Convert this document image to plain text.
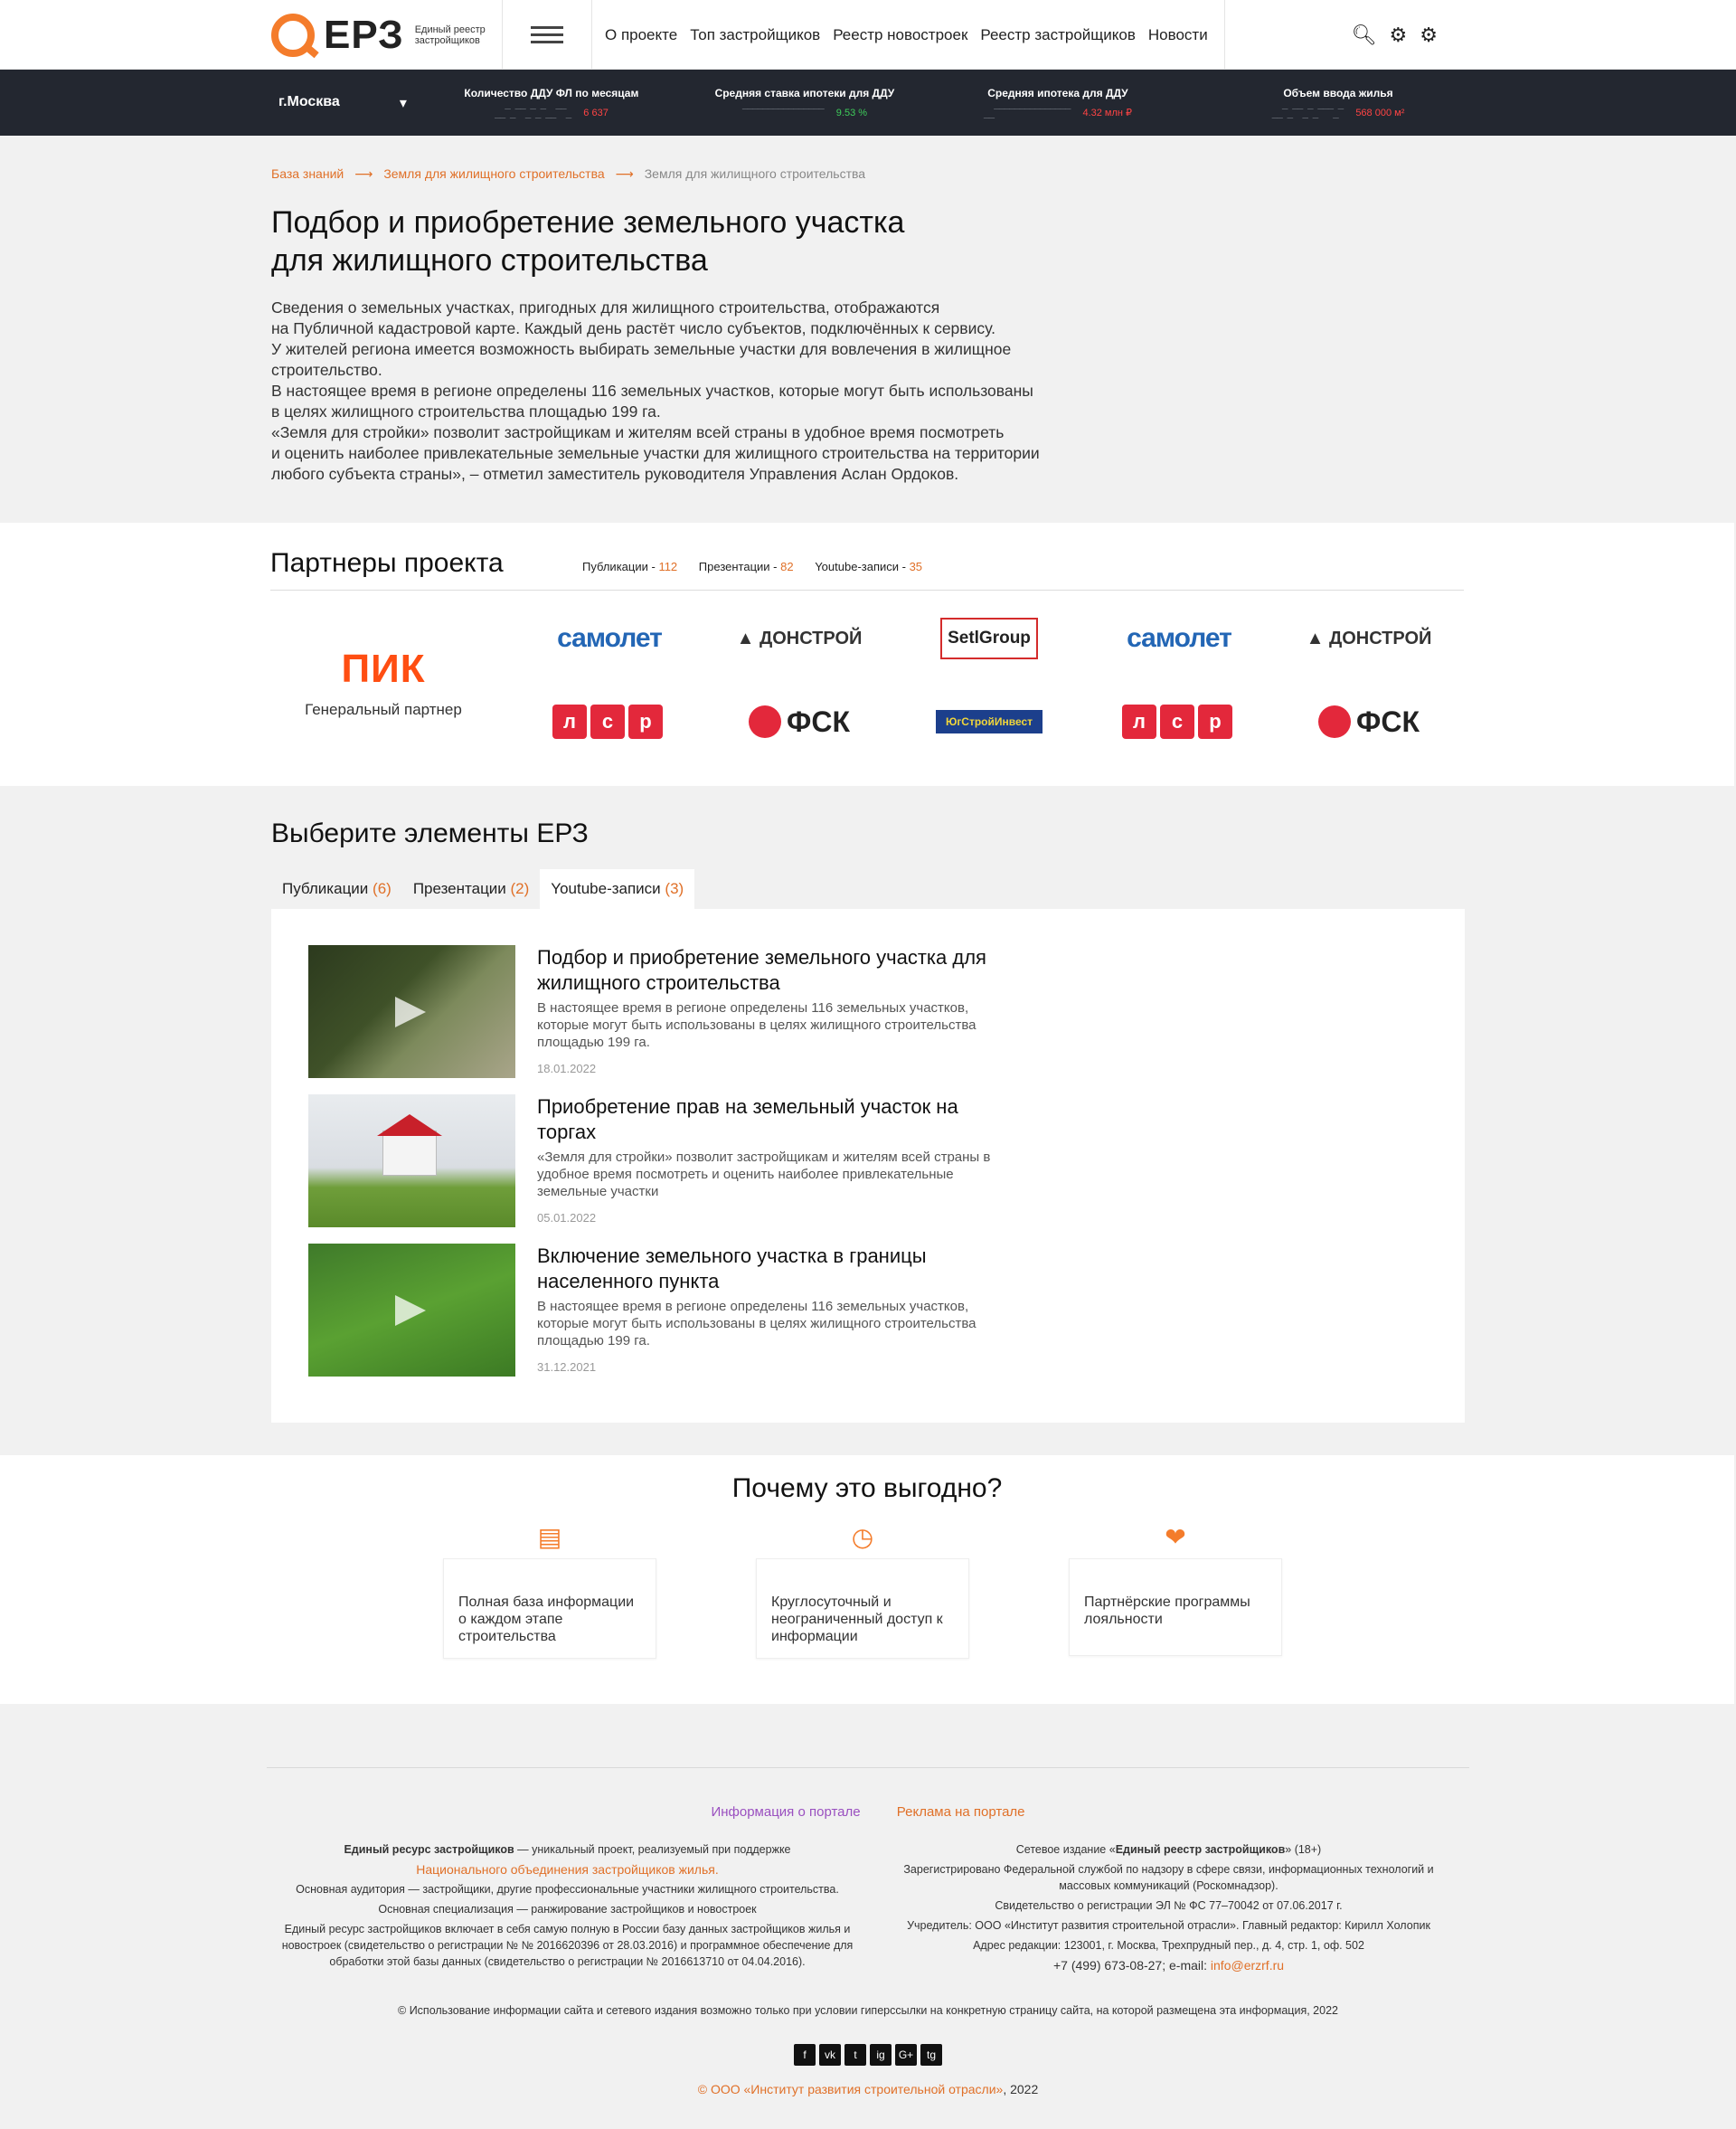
ЕРЗ Единый реестр застройщиков	О проекте Топ застройщиков Реестр новостроек Реестр застройщиков Новости	🔍︎ ⚙ ⚙
г.Москва	▾
Количество ДДУ ФЛ по месяцам
__‾_‾‾_‾_‾__‾‾_ 6 637
Средняя ставка ипотеки для ДДУ
‾‾‾‾‾‾‾‾‾‾‾‾‾‾‾‾ 9.53 %
Средняя ипотека для ДДУ
__‾‾‾‾‾‾‾‾‾‾‾‾‾‾‾ 4.32 млн ₽
Объем ввода жилья
__‾_‾‾_‾_‾‾‾_‾ 568 000 м²
База знаний ⟶ Земля для жилищного строительства ⟶ Земля для жилищного строительства
Подбор и приобретение земельного участка для жилищного строительства
Сведения о земельных участках, пригодных для жилищного строительства, отображаются
на Публичной кадастровой карте. Каждый день растёт число субъектов, подключённых к сервису.
У жителей региона имеется возможность выбирать земельные участки для вовлечения в жилищное
строительство.
В настоящее время в регионе определены 116 земельных участков, которые могут быть использованы
в целях жилищного строительства площадью 199 га.
«Земля для стройки» позволит застройщикам и жителям всей страны в удобное время посмотреть
и оценить наиболее привлекательные земельные участки для жилищного строительства на территории
любого субъекта страны», – отметил заместитель руководителя Управления Аслан Ордоков.
Партнеры проекта	Публикации - 112 Презентации - 82 Youtube-записи - 35
ПИК
Генеральный партнер
самолет	▲ ДОНСТРОЙ	SetlGroup	самолет	▲ ДОНСТРОЙ
л	с	р	ФСК	ЮгСтройИнвест	л	с	р	ФСК
Выберите элементы ЕРЗ
Публикации (6)	Презентации (2)	Youtube-записи (3)
Подбор и приобретение земельного участка для жилищного строительства
В настоящее время в регионе определены 116 земельных участков, которые могут быть использованы в целях жилищного строительства площадью 199 га.
18.01.2022
Приобретение прав на земельный участок на торгах
«Земля для стройки» позволит застройщикам и жителям всей страны в удобное время посмотреть и оценить наиболее привлекательные земельные участки
05.01.2022
Включение земельного участка в границы населенного пункта
В настоящее время в регионе определены 116 земельных участков, которые могут быть использованы в целях жилищного строительства площадью 199 га.
31.12.2021
Почему это выгодно?
▤
Полная база информации о каждом этапе строительства
◷
Круглосуточный и неограниченный доступ к информации
❤
Партнёрские программы лояльности
Информация о портале	Реклама на портале

Единый ресурс застройщиков — уникальный проект, реализуемый при поддержке

Национального объединения застройщиков жилья.

Основная аудитория — застройщики, другие профессиональные участники жилищного строительства.

Основная специализация — ранжирование застройщиков и новостроек

Единый ресурс застройщиков включает в себя самую полную в России базу данных застройщиков жилья и новостроек (свидетельство о регистрации № № 2016620396 от 28.03.2016) и программное обеспечение для обработки этой базы данных (свидетельство о регистрации № 2016613710 от 04.04.2016).

Сетевое издание «Единый реестр застройщиков» (18+)

Зарегистрировано Федеральной службой по надзору в сфере связи, информационных технологий и массовых коммуникаций (Роскомнадзор).

Свидетельство о регистрации ЭЛ № ФС 77–70042 от 07.06.2017 г.

Учредитель: ООО «Институт развития строительной отрасли». Главный редактор: Кирилл Холопик

Адрес редакции: 123001, г. Москва, Трехпрудный пер., д. 4, стр. 1, оф. 502

+7 (499) 673-08-27; e-mail: info@erzrf.ru

© Использование информации сайта и сетевого издания возможно только при условии гиперссылки на конкретную страницу сайта, на которой размещена эта информация, 2022
f	vk	t	ig	G+	tg
© ООО «Институт развития строительной отрасли», 2022
